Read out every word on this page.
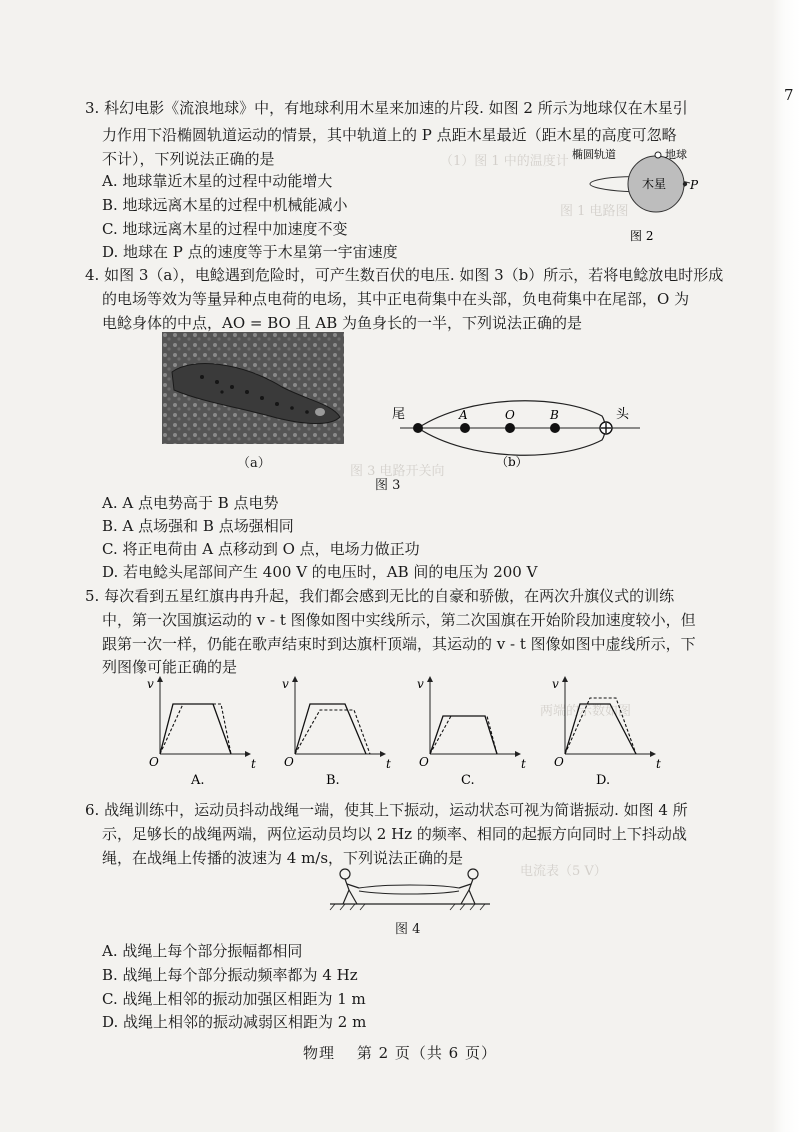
7
（1）图 1 中的温度计
图 1 电路图
图 3 电路开关向
两端的示数如图
电流表（5 V）
3. 科幻电影《流浪地球》中，有地球利用木星来加速的片段. 如图 2 所示为地球仅在木星引
力作用下沿椭圆轨道运动的情景，其中轨道上的 P 点距木星最近（距木星的高度可忽略
不计），下列说法正确的是
A. 地球靠近木星的过程中动能增大
B. 地球远离木星的过程中机械能减小
C. 地球远离木星的过程中加速度不变
D. 地球在 P 点的速度等于木星第一宇宙速度
椭圆轨道	地球
木星 P
图 2
4. 如图 3（a），电鲶遇到危险时，可产生数百伏的电压. 如图 3（b）所示，若将电鲶放电时形成
的电场等效为等量异种点电荷的电场，其中正电荷集中在头部，负电荷集中在尾部，O 为
电鲶身体的中点，AO = BO 且 AB 为鱼身长的一半，下列说法正确的是
（a）
尾	头
A	O	B
（b）
图 3
A. A 点电势高于 B 点电势
B. A 点场强和 B 点场强相同
C. 将正电荷由 A 点移动到 O 点，电场力做正功
D. 若电鲶头尾部间产生 400 V 的电压时，AB 间的电压为 200 V
5. 每次看到五星红旗冉冉升起，我们都会感到无比的自豪和骄傲，在两次升旗仪式的训练
中，第一次国旗运动的 v - t 图像如图中实线所示，第二次国旗在开始阶段加速度较小，但
跟第一次一样，仍能在歌声结束时到达旗杆顶端，其运动的 v - t 图像如图中虚线所示，下
列图像可能正确的是
v
t
O
A.
v
t
O
B.
v
t
O
C.
v
t
O
D.
6. 战绳训练中，运动员抖动战绳一端，使其上下振动，运动状态可视为简谐振动. 如图 4 所
示，足够长的战绳两端，两位运动员均以 2 Hz 的频率、相同的起振方向同时上下抖动战
绳，在战绳上传播的波速为 4 m/s，下列说法正确的是
图 4
A. 战绳上每个部分振幅都相同
B. 战绳上每个部分振动频率都为 4 Hz
C. 战绳上相邻的振动加强区相距为 1 m
D. 战绳上相邻的振动减弱区相距为 2 m
物理 第 2 页（共 6 页）
